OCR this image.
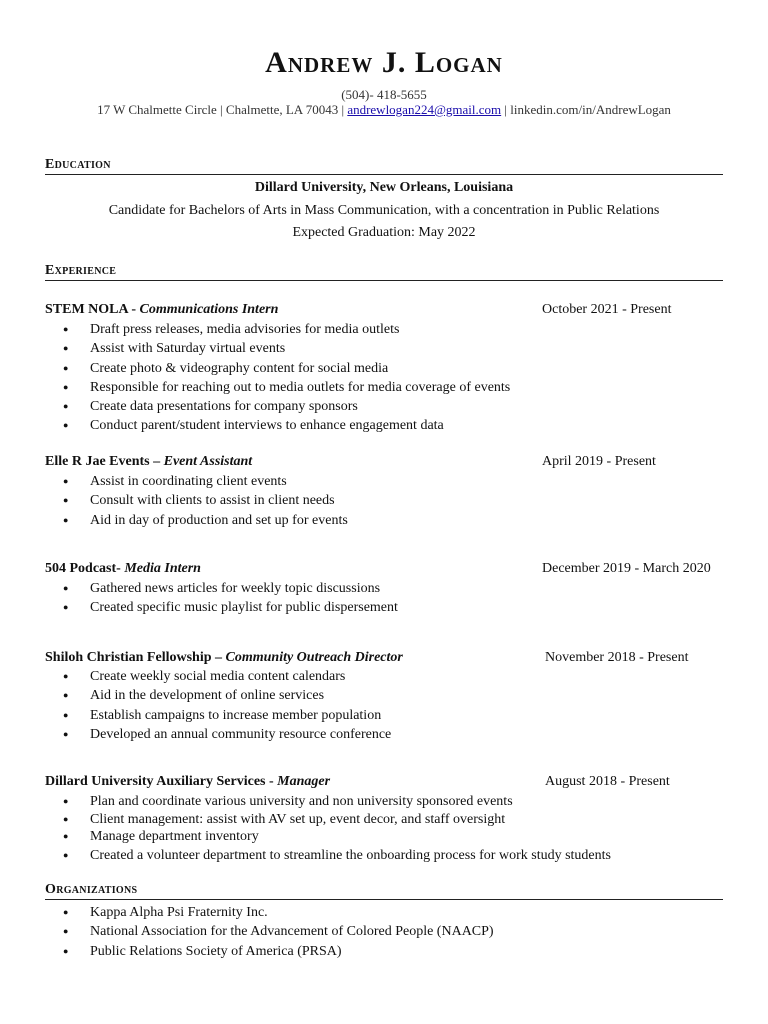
Andrew J. Logan
(504)- 418-5655
17 W Chalmette Circle | Chalmette, LA 70043 | andrewlogan224@gmail.com | linkedin.com/in/AndrewLogan
Education
Dillard University, New Orleans, Louisiana
Candidate for Bachelors of Arts in Mass Communication, with a concentration in Public Relations
Expected Graduation: May 2022
Experience
STEM NOLA - Communications Intern	October 2021 - Present
● Draft press releases, media advisories for media outlets
● Assist with Saturday virtual events
● Create photo & videography content for social media
● Responsible for reaching out to media outlets for media coverage of events
● Create data presentations for company sponsors
● Conduct parent/student interviews to enhance engagement data
Elle R Jae Events – Event Assistant	April 2019 - Present
● Assist in coordinating client events
● Consult with clients to assist in client needs
● Aid in day of production and set up for events
504 Podcast- Media Intern	December 2019 - March 2020
● Gathered news articles for weekly topic discussions
● Created specific music playlist for public dispersement
Shiloh Christian Fellowship – Community Outreach Director	November 2018 - Present
● Create weekly social media content calendars
● Aid in the development of online services
● Establish campaigns to increase member population
● Developed an annual community resource conference
Dillard University Auxiliary Services - Manager	August 2018 - Present
● Plan and coordinate various university and non university sponsored events
● Client management: assist with AV set up, event decor, and staff oversight
● Manage department inventory
● Created a volunteer department to streamline the onboarding process for work study students
Organizations
● Kappa Alpha Psi Fraternity Inc.
● National Association for the Advancement of Colored People (NAACP)
● Public Relations Society of America (PRSA)
